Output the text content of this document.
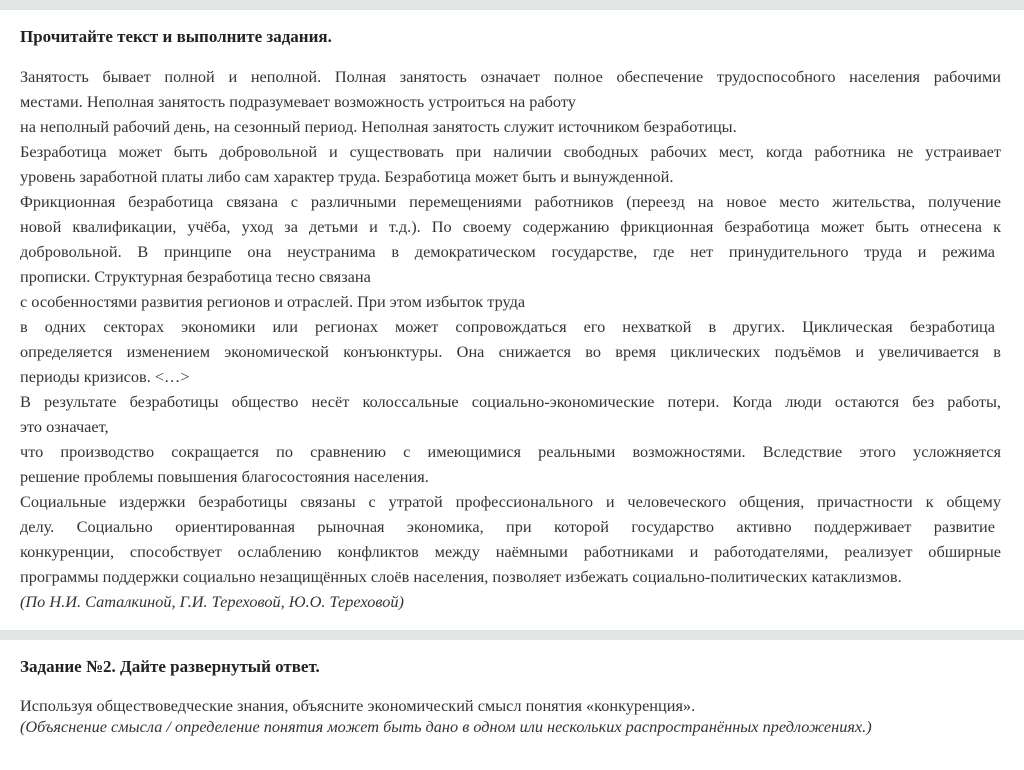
Прочитайте текст и выполните задания.
Занятость бывает полной и неполной. Полная занятость означает полное обеспечение трудоспособного населения рабочими
местами. Неполная занятость подразумевает возможность устроиться на работу
на неполный рабочий день, на сезонный период. Неполная занятость служит источником безработицы.
Безработица может быть добровольной и существовать при наличии свободных рабочих мест, когда работника не устраивает
уровень заработной платы либо сам характер труда. Безработица может быть и вынужденной.
Фрикционная безработица связана с различными перемещениями работников (переезд на новое место жительства, получение
новой квалификации, учёба, уход за детьми и т.д.). По своему содержанию фрикционная безработица может быть отнесена к
добровольной. В принципе она неустранима в демократическом государстве, где нет принудительного труда и режима
прописки. Структурная безработица тесно связана
с особенностями развития регионов и отраслей. При этом избыток труда
в одних секторах экономики или регионах может сопровождаться его нехваткой в других. Циклическая безработица
определяется изменением экономической конъюнктуры. Она снижается во время циклических подъёмов и увеличивается в
периоды кризисов. <…>
В результате безработицы общество несёт колоссальные социально-экономические потери. Когда люди остаются без работы,
это означает,
что производство сокращается по сравнению с имеющимися реальными возможностями. Вследствие этого усложняется
решение проблемы повышения благосостояния населения.
Социальные издержки безработицы связаны с утратой профессионального и человеческого общения, причастности к общему
делу. Социально ориентированная рыночная экономика, при которой государство активно поддерживает развитие
конкуренции, способствует ослаблению конфликтов между наёмными работниками и работодателями, реализует обширные
программы поддержки социально незащищённых слоёв населения, позволяет избежать социально-политических катаклизмов.
(По Н.И. Саталкиной, Г.И. Тереховой, Ю.О. Тереховой)
Задание №2. Дайте развернутый ответ.
Используя обществоведческие знания, объясните экономический смысл понятия «конкуренция».
(Объяснение смысла / определение понятия может быть дано в одном или нескольких распространённых предложениях.)
